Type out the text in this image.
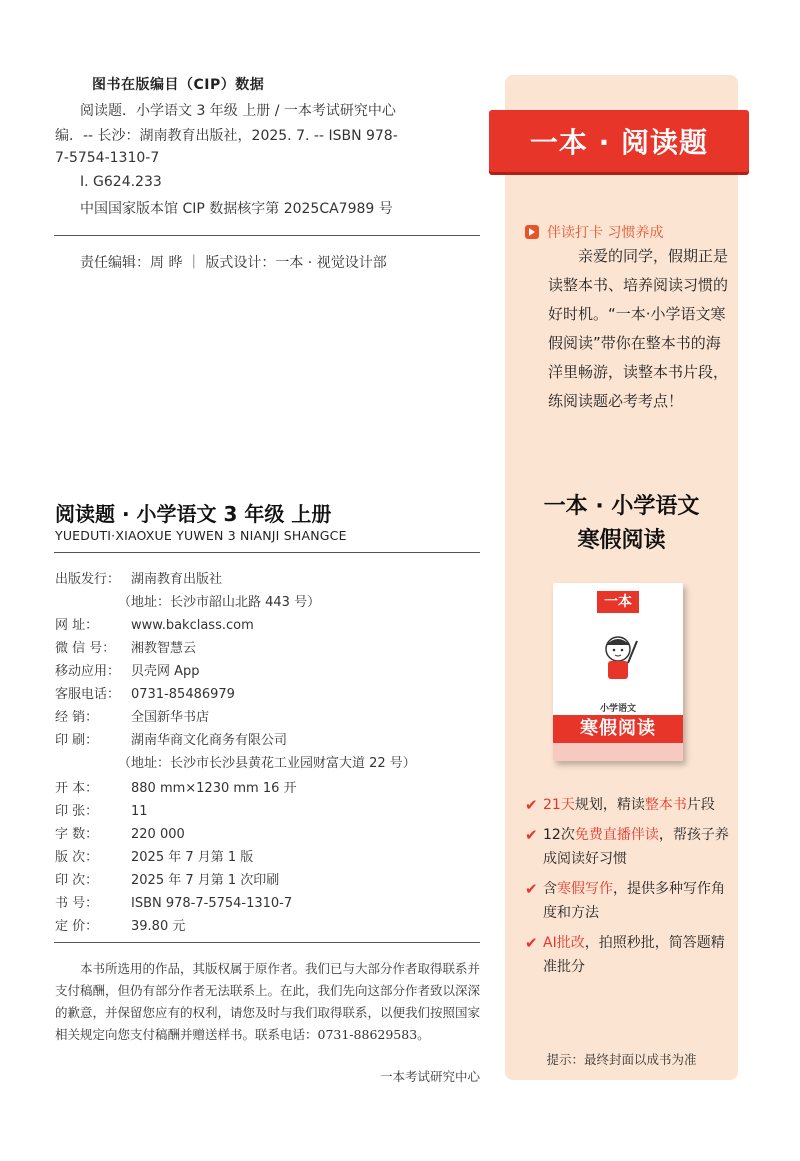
图书在版编目（CIP）数据
阅读题．小学语文 3 年级 上册 / 一本考试研究中心
编．-- 长沙：湖南教育出版社，2025. 7. -- ISBN 978-
7-5754-1310-7
Ⅰ. G624.233
中国国家版本馆 CIP 数据核字第 2025CA7989 号
责任编辑：周 晔 ｜ 版式设计：一本 · 视觉设计部
阅读题 · 小学语文 3 年级 上册
YUEDUTI·XIAOXUE YUWEN 3 NIANJI SHANGCE
出版发行： 湖南教育出版社
（地址：长沙市韶山北路 443 号）
网 址：	www.bakclass.com
微 信 号： 湘教智慧云
移动应用： 贝壳网 App
客服电话： 0731-85486979
经 销：	全国新华书店
印 刷：	湖南华商文化商务有限公司
（地址：长沙市长沙县黄花工业园财富大道 22 号）
开 本：	880 mm×1230 mm 16 开
印 张：	11
字 数：	220 000
版 次：	2025 年 7 月第 1 版
印 次：	2025 年 7 月第 1 次印刷
书 号：	ISBN 978-7-5754-1310-7
定 价：	39.80 元

本书所选用的作品，其版权属于原作者。我们已与大部分作者取得联系并支付稿酬，但仍有部分作者无法联系上。在此，我们先向这部分作者致以深深的歉意，并保留您应有的权利，请您及时与我们取得联系，以便我们按照国家相关规定向您支付稿酬并赠送样书。联系电话：0731-88629583。

一本考试研究中心
一本 · 阅读题
伴读打卡 习惯养成

亲爱的同学，假期正是读整本书、培养阅读习惯的好时机。“一本·小学语文寒假阅读”带你在整本书的海洋里畅游，读整本书片段，练阅读题必考考点！

一本 · 小学语文
寒假阅读
一本
小学语文
寒假阅读
✔ 21天规划，精读整本书片段
✔ 12次免费直播伴读，帮孩子养成阅读好习惯
✔ 含寒假写作，提供多种写作角度和方法
✔ AI批改，拍照秒批，简答题精准批分
提示：最终封面以成书为准
